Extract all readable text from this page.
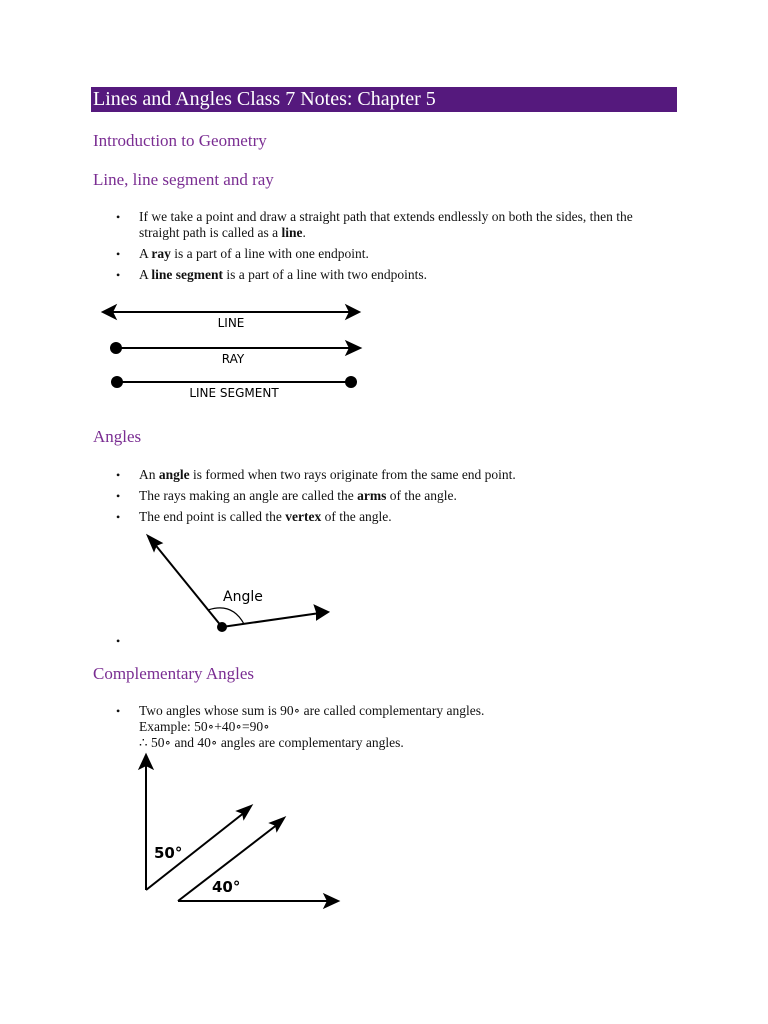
Lines and Angles Class 7 Notes: Chapter 5
Introduction to Geometry
Line, line segment and ray
• If we take a point and draw a straight path that extends endlessly on both the sides, then the straight path is called as a line.
• A ray is a part of a line with one endpoint.
• A line segment is a part of a line with two endpoints.
LINE
RAY
LINE SEGMENT
Angles
• An angle is formed when two rays originate from the same end point.
• The rays making an angle are called the arms of the angle.
• The end point is called the vertex of the angle.
Angle
•
Complementary Angles
• Two angles whose sum is 90∘ are called complementary angles.
Example: 50∘+40∘=90∘
∴ 50∘ and 40∘ angles are complementary angles.
50°
40°
